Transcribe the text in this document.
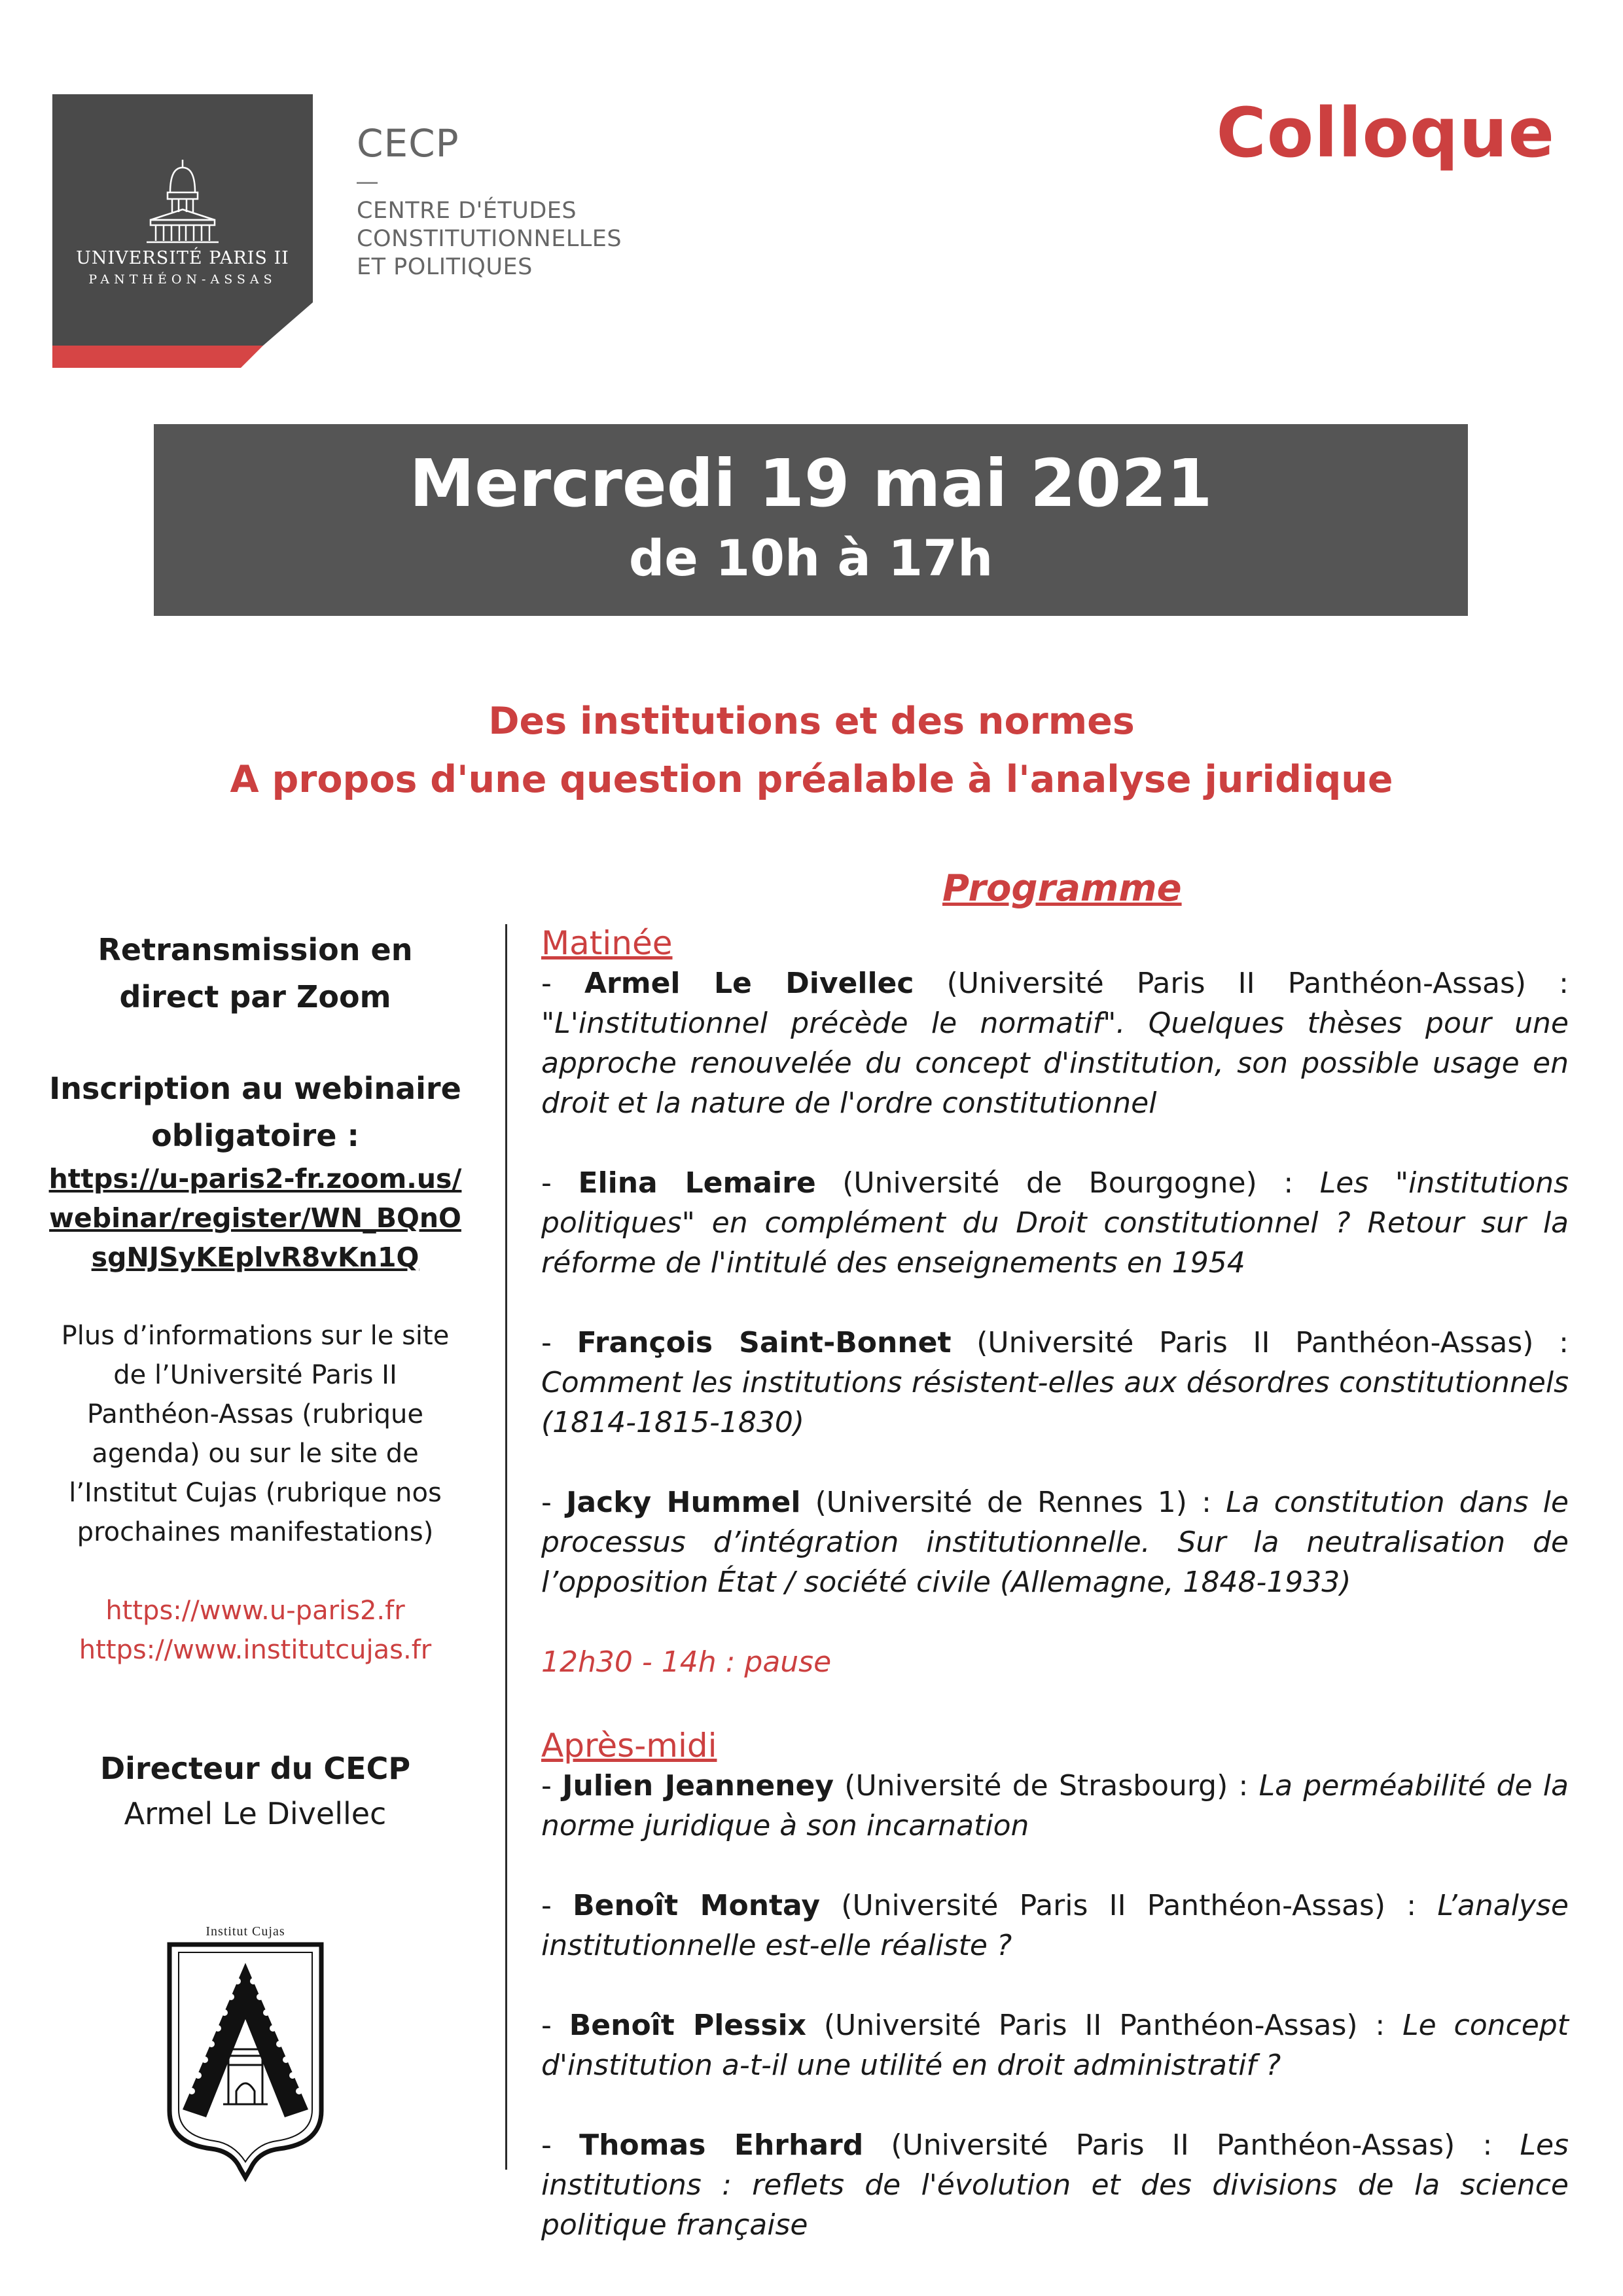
UNIVERSITÉ PARIS II
PANTHÉON-ASSAS
CECP
CENTRE D'ÉTUDES
CONSTITUTIONNELLES
ET POLITIQUES
Colloque
Mercredi 19 mai 2021
de 10h à 17h
Des institutions et des normes
A propos d'une question préalable à l'analyse juridique
Retransmission en
direct par Zoom
Inscription au webinaire
obligatoire :
https://u-paris2-fr.zoom.us/
webinar/register/WN_BQnO
sgNJSyKEplvR8vKn1Q
Plus d’informations sur le site
de l’Université Paris II
Panthéon-Assas (rubrique
agenda) ou sur le site de
l’Institut Cujas (rubrique nos
prochaines manifestations)
https://www.u-paris2.fr
https://www.institutcujas.fr
Directeur du CECP
Armel Le Divellec
Institut Cujas
Programme

Matinée

- Armel Le Divellec (Université Paris II Panthéon-Assas) : "L'institutionnel précède le normatif". Quelques thèses pour une approche renouvelée du concept d'institution, son possible usage en droit et la nature de l'ordre constitutionnel

- Elina Lemaire (Université de Bourgogne) : Les "institutions politiques" en complément du Droit constitutionnel ? Retour sur la réforme de l'intitulé des enseignements en 1954

- François Saint-Bonnet (Université Paris II Panthéon-Assas) : Comment les institutions résistent-elles aux désordres constitutionnels (1814-1815-1830)

- Jacky Hummel (Université de Rennes 1) : La constitution dans le processus d’intégration institutionnelle. Sur la neutralisation de l’opposition État / société civile (Allemagne, 1848-1933)

12h30 - 14h : pause

Après-midi

- Julien Jeanneney (Université de Strasbourg) : La perméabilité de la norme juridique à son incarnation

- Benoît Montay (Université Paris II Panthéon-Assas) : L’analyse institutionnelle est-elle réaliste ?

- Benoît Plessix (Université Paris II Panthéon-Assas) : Le concept d'institution a-t-il une utilité en droit administratif ?

- Thomas Ehrhard (Université Paris II Panthéon-Assas) : Les institutions : reflets de l'évolution et des divisions de la science politique française
